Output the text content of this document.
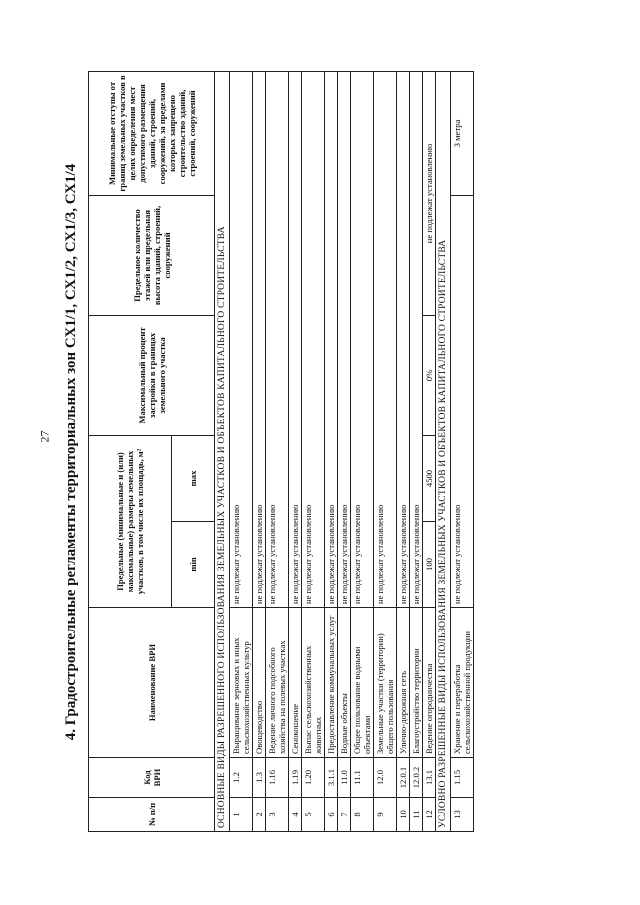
27 4. Градостроительные регламенты территориальных зон СХ1/1, СХ1/2, СХ1/3, СХ1/4
№ п/п	Код ВРИ	Наименование ВРИ	Предельные (минимальные и (или) максимальные) размеры земельных участков, в том числе их площадь, м²		Максимальный процент застройки в границах земельного участка	Предельное количество этажей или предельная высота зданий, строений, сооружений	Минимальные отступы от границ земельных участков в целях определения мест допустимого размещения зданий, строений, сооружений, за пределами которых запрещено строительство зданий, строений, сооружений
			min	max			
ОСНОВНЫЕ ВИДЫ РАЗРЕШЕННОГО ИСПОЛЬЗОВАНИЯ ЗЕМЕЛЬНЫХ УЧАСТКОВ И ОБЪЕКТОВ КАПИТАЛЬНОГО СТРОИТЕЛЬСТВА							
1	1.2	Выращивание зерновых и иных сельскохозяйственных культур	не подлежат установлению				
2	1.3	Овощеводство	не подлежат установлению				
3	1.16	Ведение личного подсобного хозяйства на полевых участках	не подлежат установлению				
4	1.19	Сенокошение	не подлежат установлению				
5	1.20	Выпас сельскохозяйственных животных	не подлежат установлению				
6	3.1.1	Предоставление коммунальных услуг	не подлежат установлению				
7	11.0	Водные объекты	не подлежат установлению				
8	11.1	Общее пользование водными объектами	не подлежат установлению				
9	12.0	Земельные участки (территории) общего пользования	не подлежат установлению				
10	12.0.1	Улично-дорожная сеть	не подлежат установлению				
11	12.0.2	Благоустройство территории	не подлежат установлению				
12	13.1	Ведение огородничества	100	4500	0%	не подлежат установлению	
УСЛОВНО РАЗРЕШЕННЫЕ ВИДЫ ИСПОЛЬЗОВАНИЯ ЗЕМЕЛЬНЫХ УЧАСТКОВ И ОБЪЕКТОВ КАПИТАЛЬНОГО СТРОИТЕЛЬСТВА							
13	1.15	Хранение и переработка сельскохозяйственной продукции	не подлежат установлению				3 метра
